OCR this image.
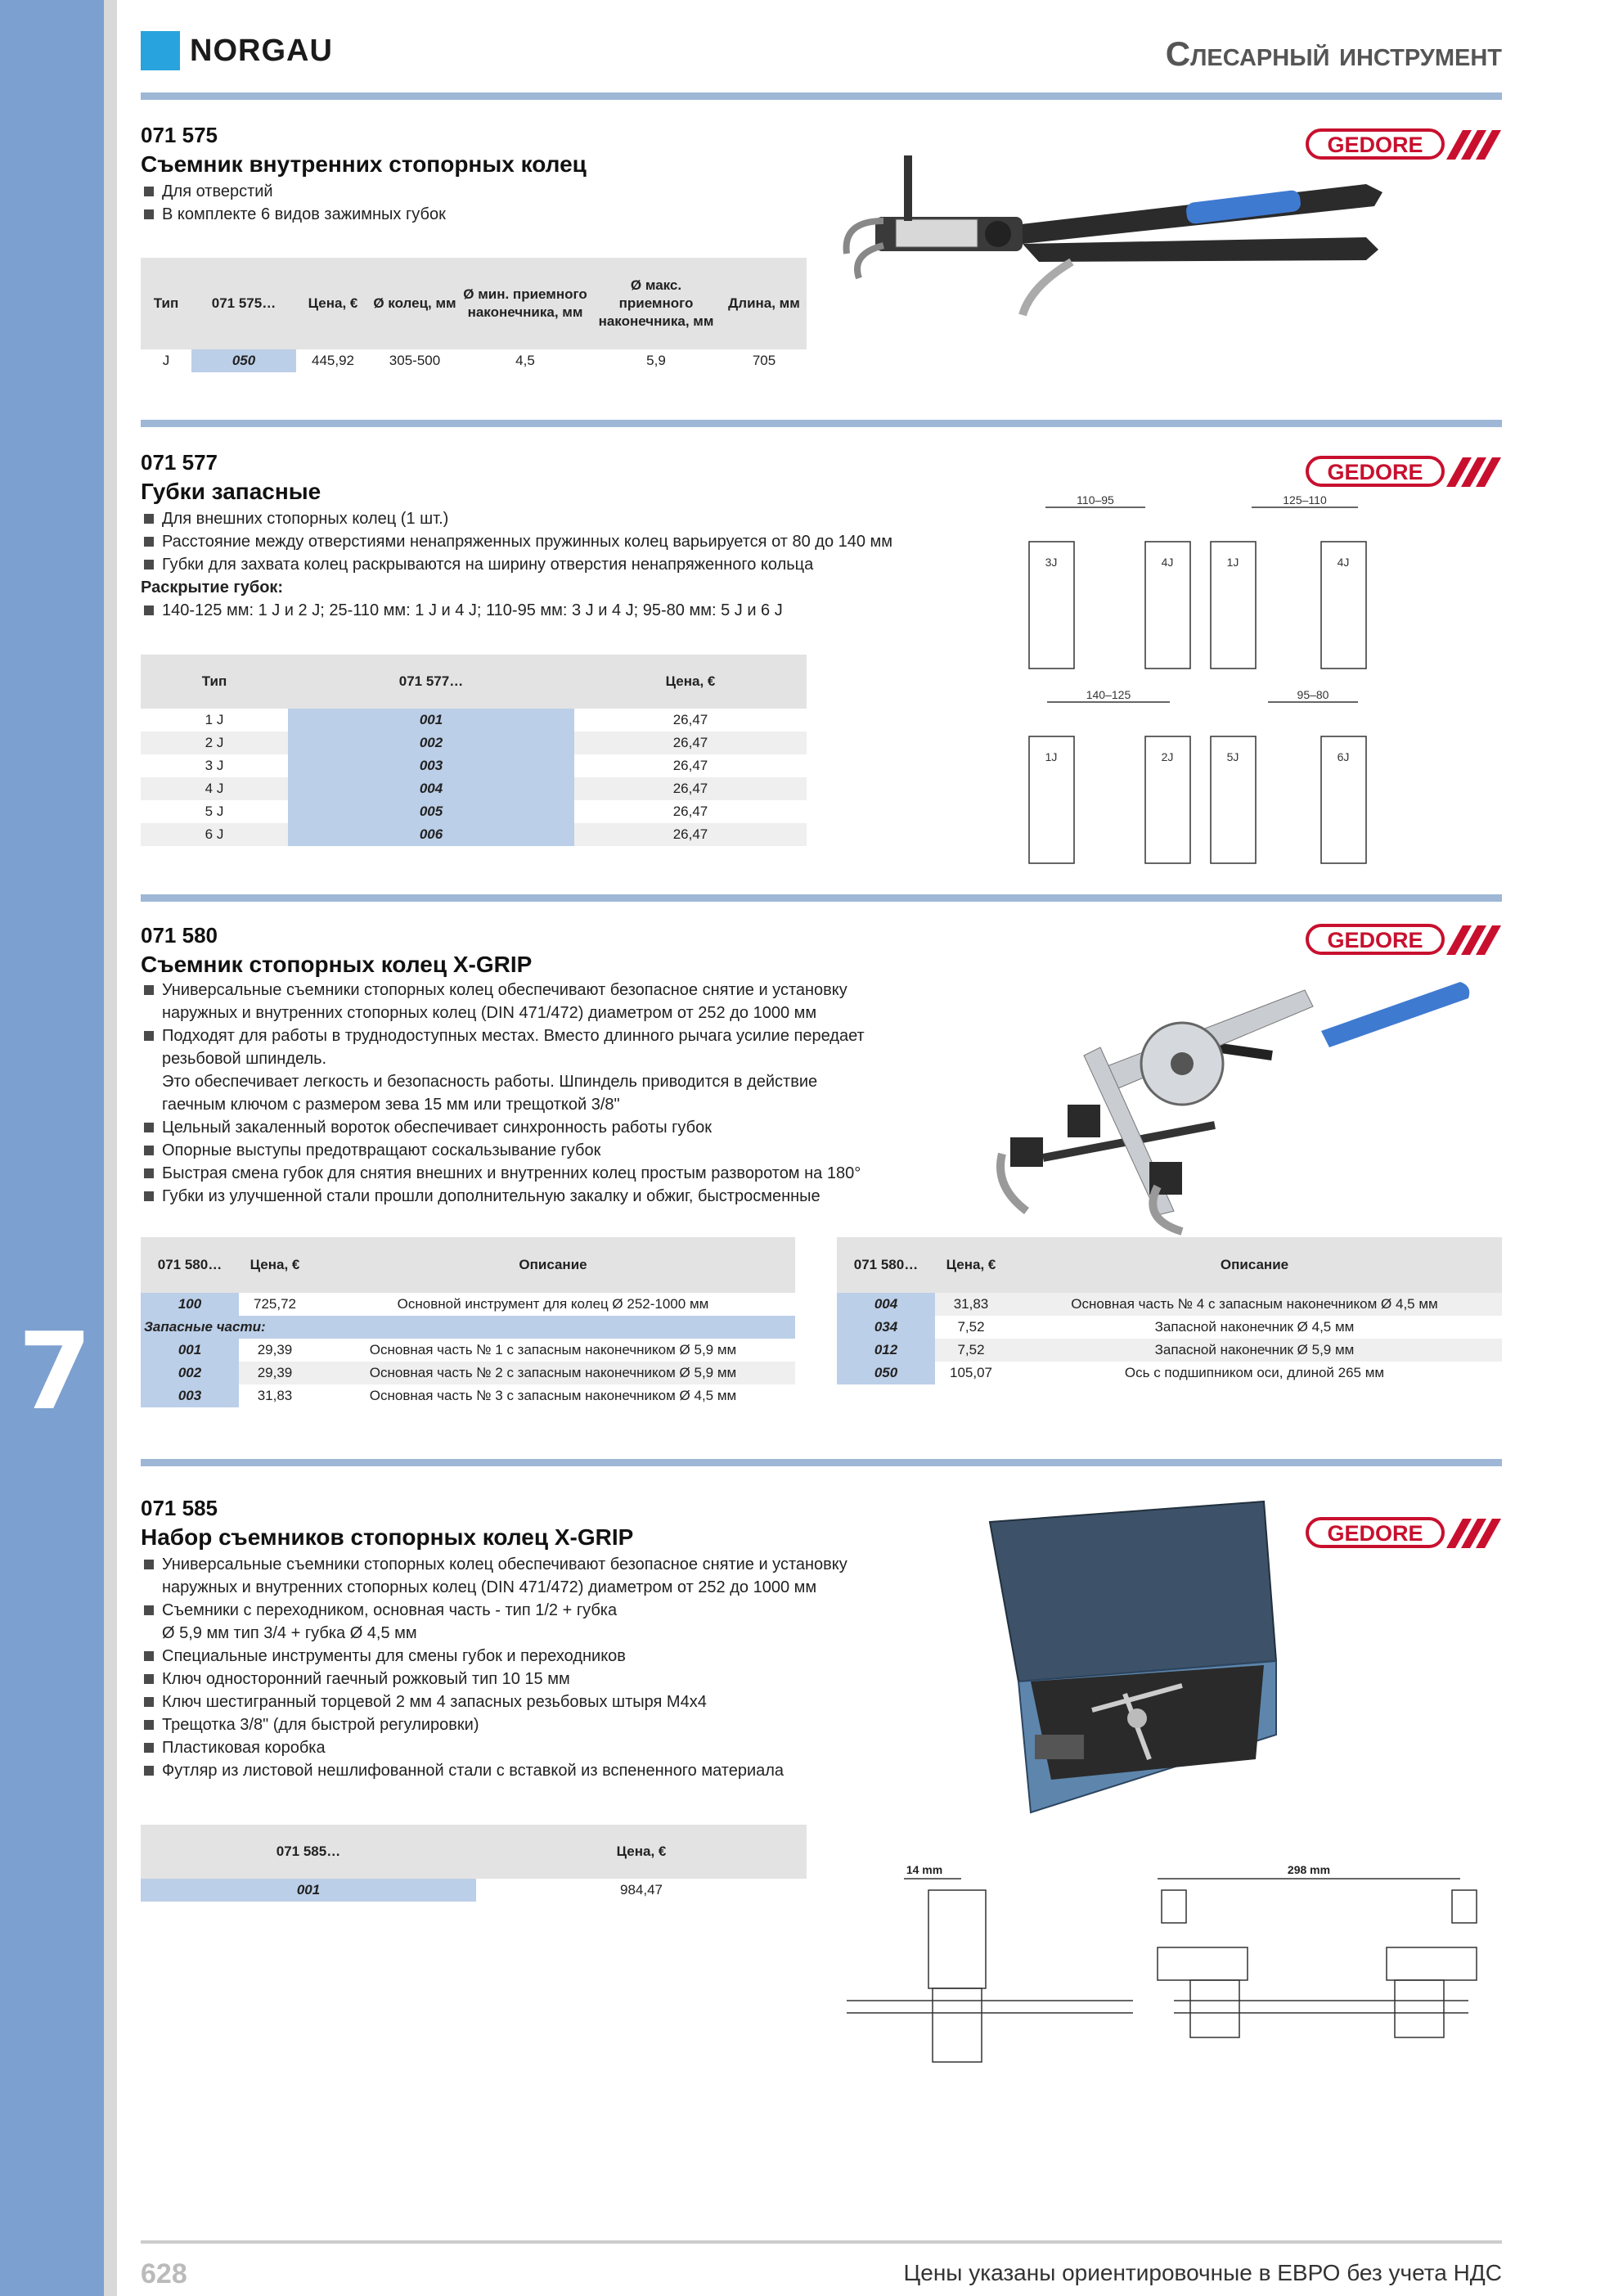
7
NORGAU	Слесарный инструмент
071 575
Съемник внутренних стопорных колец
Для отверстий
В комплекте 6 видов зажимных губок
GEDORE
Тип	071 575…	Цена, €	Ø колец, мм	Ø мин. приемного наконечника, мм	Ø макс. приемного наконечника, мм	Длина, мм
J	050	445,92	305-500	4,5	5,9	705
071 577
Губки запасные
Для внешних стопорных колец (1 шт.)
Расстояние между отверстиями ненапряженных пружинных колец варьируется от 80 до 140 мм
Губки для захвата колец раскрываются на ширину отверстия ненапряженного кольца
Раскрытие губок:
140-125 мм: 1 J и 2 J; 25-110 мм: 1 J и 4 J; 110-95 мм: 3 J и 4 J; 95-80 мм: 5 J и 6 J
GEDORE
Тип	071 577…	Цена, €
1 J	001	26,47
2 J	002	26,47
3 J	003	26,47
4 J	004	26,47
5 J	005	26,47
6 J	006	26,47
110–95	125–110
140–125	95–80
3J	4J	1J	4J
1J	2J	5J	6J
071 580
Съемник стопорных колец X-GRIP
Универсальные съемники стопорных колец обеспечивают безопасное снятие и установку
наружных и внутренних стопорных колец (DIN 471/472) диаметром от 252 до 1000 мм
Подходят для работы в труднодоступных местах. Вместо длинного рычага усилие передает
резьбовой шпиндель.
Это обеспечивает легкость и безопасность работы. Шпиндель приводится в действие
гаечным ключом с размером зева 15 мм или трещоткой 3/8"
Цельный закаленный вороток обеспечивает синхронность работы губок
Опорные выступы предотвращают соскальзывание губок
Быстрая смена губок для снятия внешних и внутренних колец простым разворотом на 180°
Губки из улучшенной стали прошли дополнительную закалку и обжиг, быстросменные
GEDORE
071 580…	Цена, €	Описание
100	725,72	Основной инструмент для колец Ø 252-1000 мм
Запасные части:		
001	29,39	Основная часть № 1 с запасным наконечником Ø 5,9 мм
002	29,39	Основная часть № 2 с запасным наконечником Ø 5,9 мм
003	31,83	Основная часть № 3 с запасным наконечником Ø 4,5 мм
071 580…	Цена, €	Описание
004	31,83	Основная часть № 4 с запасным наконечником Ø 4,5 мм
034	7,52	Запасной наконечник Ø 4,5 мм
012	7,52	Запасной наконечник Ø 5,9 мм
050	105,07	Ось с подшипником оси, длиной 265 мм
071 585
Набор съемников стопорных колец X-GRIP
Универсальные съемники стопорных колец обеспечивают безопасное снятие и установку
наружных и внутренних стопорных колец (DIN 471/472) диаметром от 252 до 1000 мм
Съемники с переходником, основная часть - тип 1/2 + губка
Ø 5,9 мм тип 3/4 + губка Ø 4,5 мм
Специальные инструменты для смены губок и переходников
Ключ односторонний гаечный рожковый тип 10 15 мм
Ключ шестигранный торцевой 2 мм 4 запасных резьбовых штыря M4x4
Трещотка 3/8" (для быстрой регулировки)
Пластиковая коробка
Футляр из листовой нешлифованной стали с вставкой из вспененного материала
GEDORE
071 585…	Цена, €
001	984,47
14 mm	298 mm
628	Цены указаны ориентировочные в ЕВРО без учета НДС
